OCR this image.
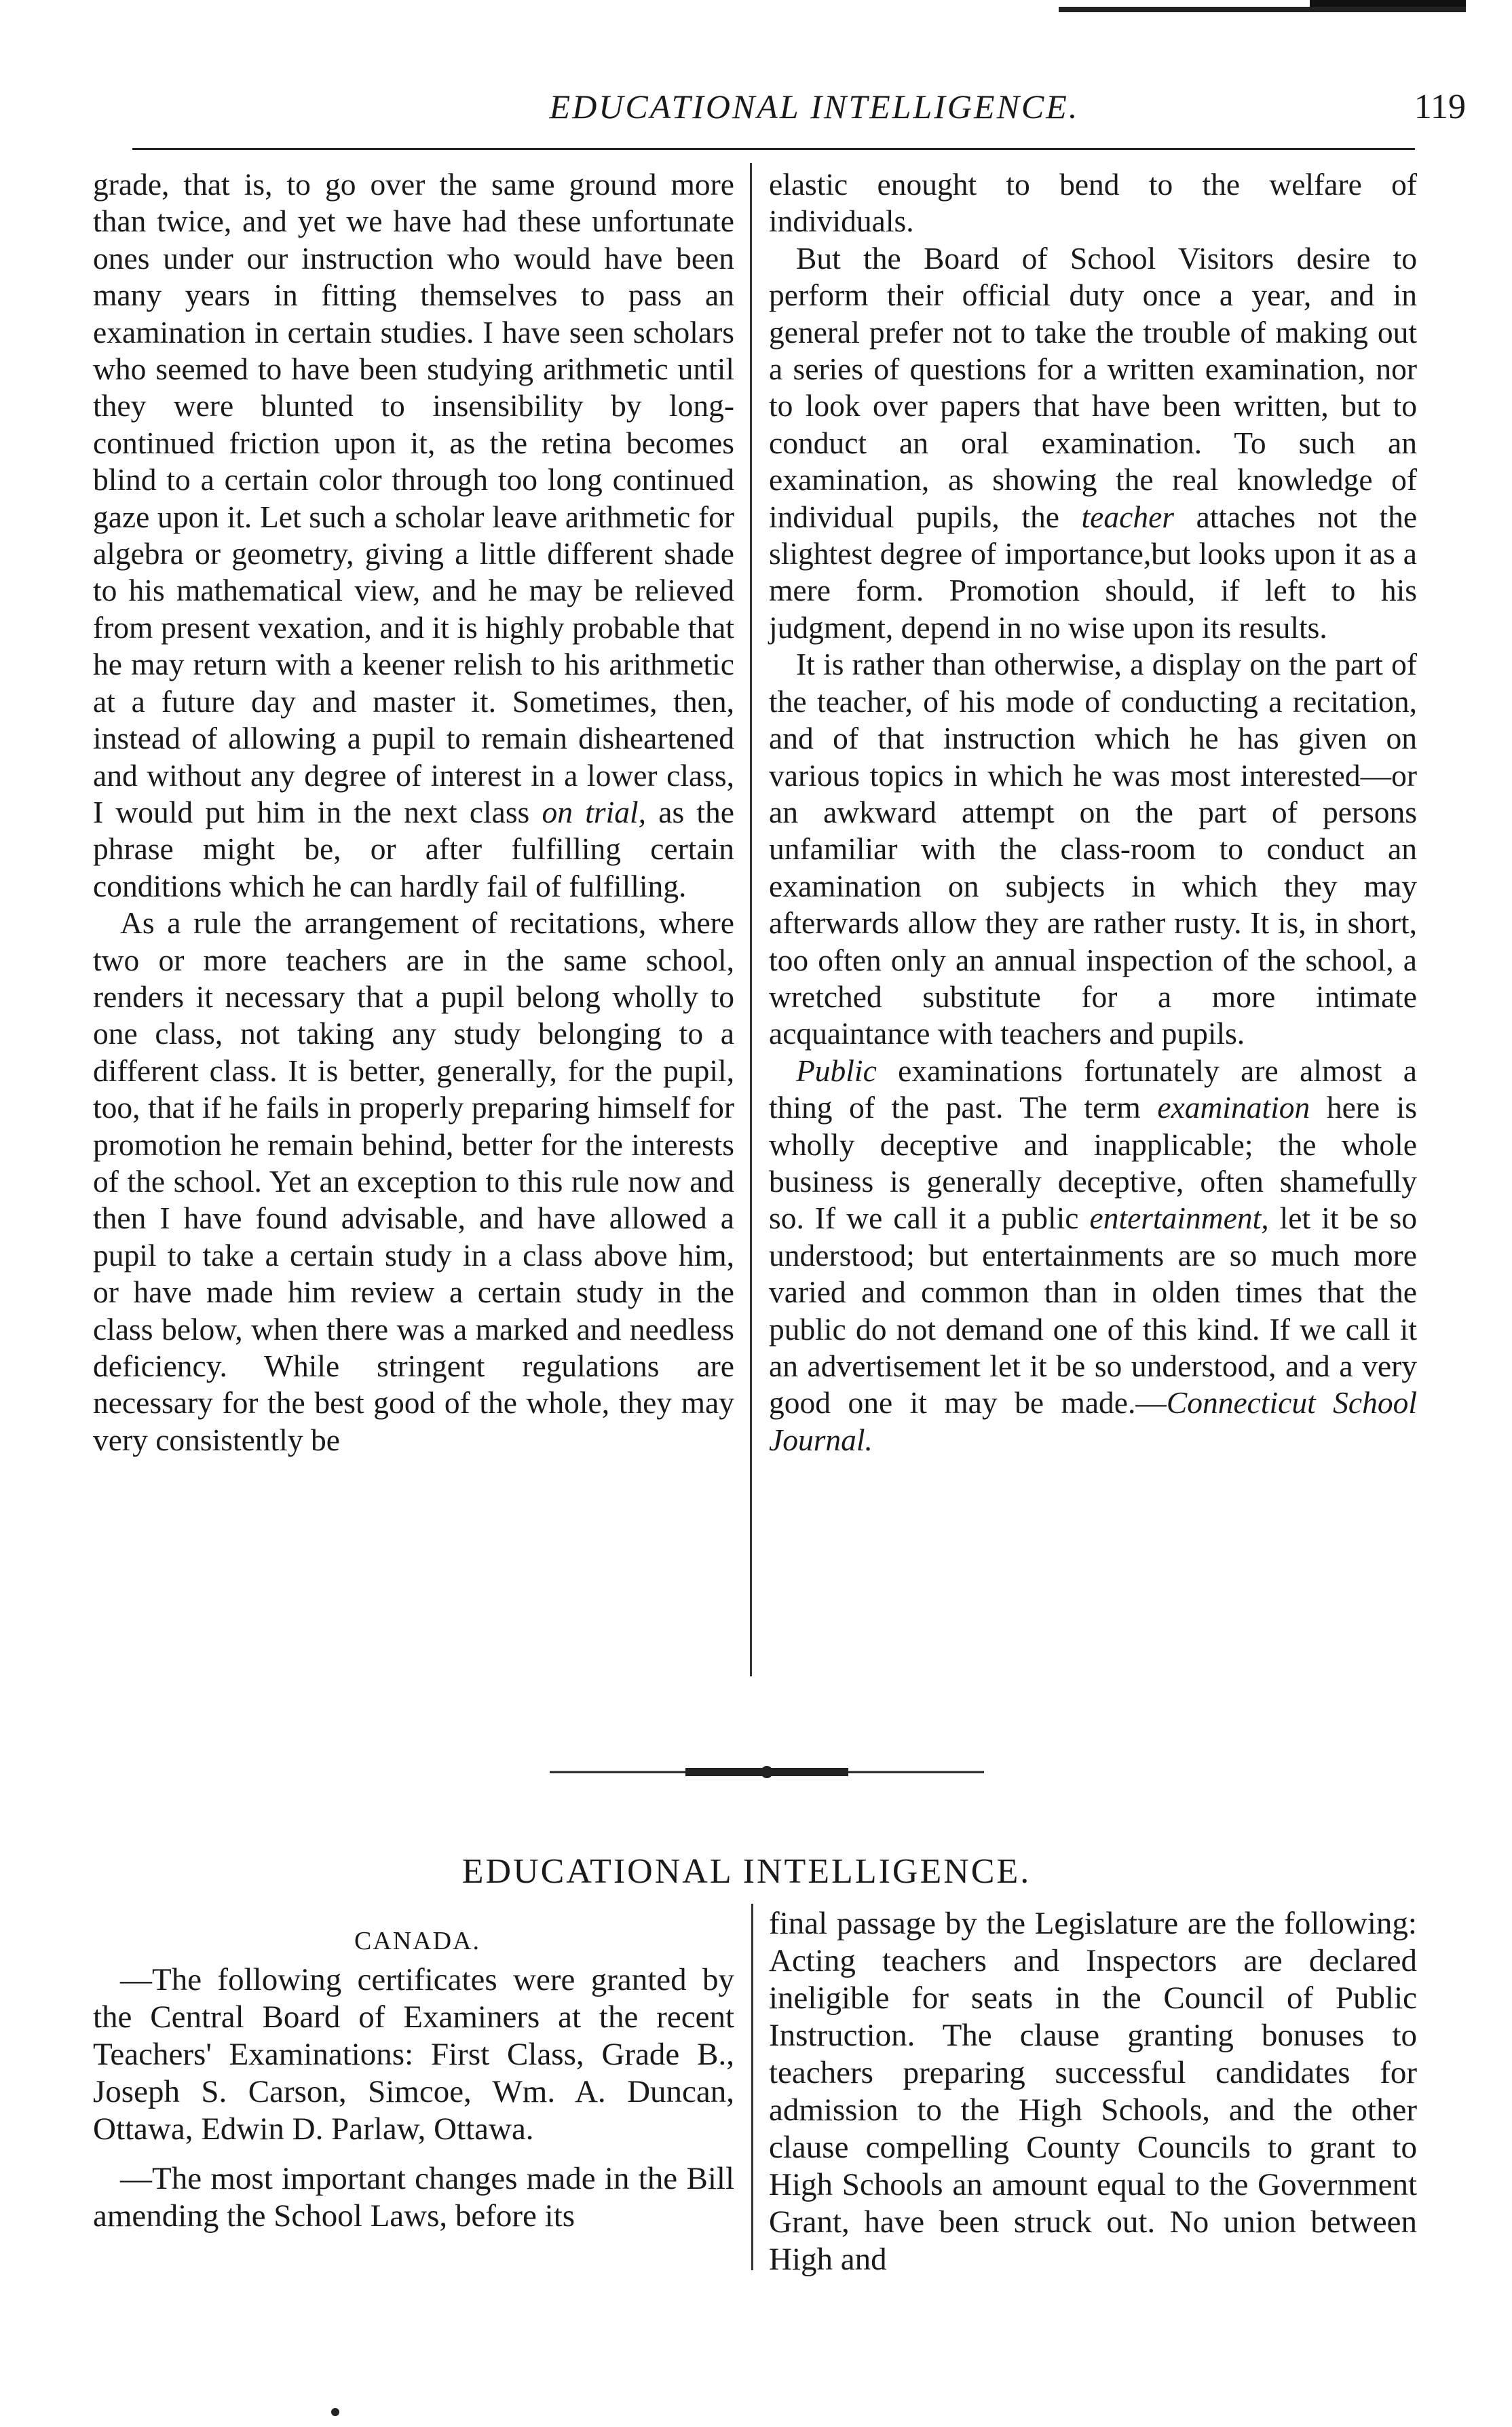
EDUCATIONAL INTELLIGENCE.	119

grade, that is, to go over the same ground more than twice, and yet we have had these unfortunate ones under our instruction who would have been many years in fitting themselves to pass an examination in certain studies. I have seen scholars who seemed to have been studying arithmetic until they were blunted to insensibility by long-continued friction upon it, as the retina becomes blind to a certain color through too long continued gaze upon it. Let such a scholar leave arithmetic for algebra or geometry, giving a little different shade to his mathematical view, and he may be relieved from present vexation, and it is highly probable that he may return with a keener relish to his arithmetic at a future day and master it. Sometimes, then, instead of allowing a pupil to remain disheartened and without any degree of interest in a lower class, I would put him in the next class on trial, as the phrase might be, or after fulfilling certain conditions which he can hardly fail of fulfilling.

As a rule the arrangement of recitations, where two or more teachers are in the same school, renders it necessary that a pupil belong wholly to one class, not taking any study belonging to a different class. It is better, generally, for the pupil, too, that if he fails in properly preparing himself for promotion he remain behind, better for the interests of the school. Yet an exception to this rule now and then I have found advisable, and have allowed a pupil to take a certain study in a class above him, or have made him review a certain study in the class below, when there was a marked and needless deficiency. While stringent regulations are necessary for the best good of the whole, they may very consistently be

elastic enought to bend to the welfare of individuals.

But the Board of School Visitors desire to perform their official duty once a year, and in general prefer not to take the trouble of making out a series of questions for a written examination, nor to look over papers that have been written, but to conduct an oral examination. To such an examination, as showing the real knowledge of individual pupils, the teacher attaches not the slightest degree of importance,but looks upon it as a mere form. Promotion should, if left to his judgment, depend in no wise upon its results.

It is rather than otherwise, a display on the part of the teacher, of his mode of conducting a recitation, and of that instruction which he has given on various topics in which he was most interested—or an awkward attempt on the part of persons unfamiliar with the class-room to conduct an examination on subjects in which they may afterwards allow they are rather rusty. It is, in short, too often only an annual inspection of the school, a wretched substitute for a more intimate acquaintance with teachers and pupils.

Public examinations fortunately are almost a thing of the past. The term examination here is wholly deceptive and inapplicable; the whole business is generally deceptive, often shamefully so. If we call it a public entertainment, let it be so understood; but entertainments are so much more varied and common than in olden times that the public do not demand one of this kind. If we call it an advertisement let it be so understood, and a very good one it may be made.—Connecticut School Journal.

EDUCATIONAL INTELLIGENCE.
CANADA.

—The following certificates were granted by the Central Board of Examiners at the recent Teachers' Examinations: First Class, Grade B., Joseph S. Carson, Simcoe, Wm. A. Duncan, Ottawa, Edwin D. Parlaw, Ottawa.

—The most important changes made in the Bill amending the School Laws, before its

final passage by the Legislature are the following: Acting teachers and Inspectors are declared ineligible for seats in the Council of Public Instruction. The clause granting bonuses to teachers preparing successful candidates for admission to the High Schools, and the other clause compelling County Councils to grant to High Schools an amount equal to the Government Grant, have been struck out. No union between High and
